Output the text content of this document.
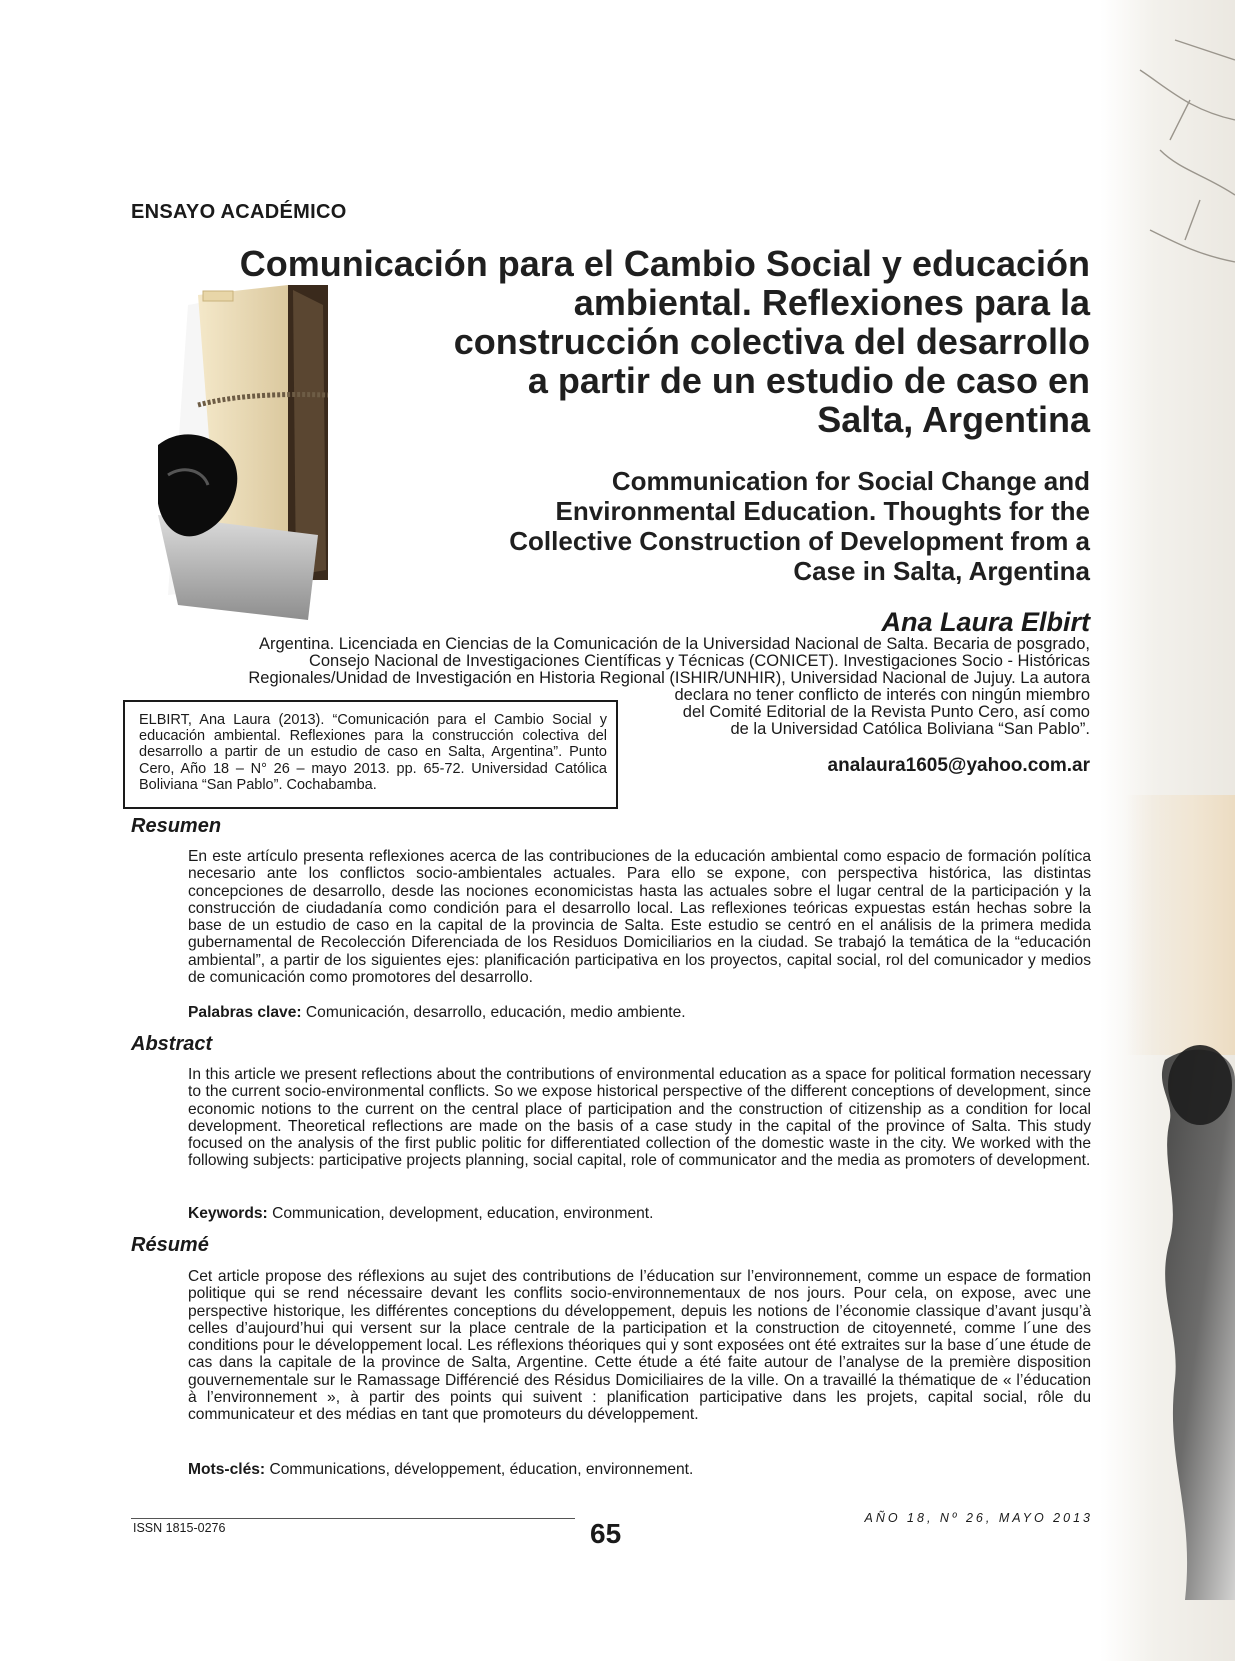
ENSAYO ACADÉMICO

Comunicación para el Cambio Social y educación
ambiental. Reflexiones para la
construcción colectiva del desarrollo
a partir de un estudio de caso en
Salta, Argentina
Communication for Social Change and
Environmental Education. Thoughts for the
Collective Construction of Development from a
Case in Salta, Argentina

Ana Laura Elbirt

Argentina. Licenciada en Ciencias de la Comunicación de la Universidad Nacional de Salta. Becaria de posgrado,
Consejo Nacional de Investigaciones Científicas y Técnicas (CONICET). Investigaciones Socio - Históricas
Regionales/Unidad de Investigación en Historia Regional (ISHIR/UNHIR), Universidad Nacional de Jujuy. La autora
declara no tener conflicto de interés con ningún miembro
del Comité Editorial de la Revista Punto Cero, así como
de la Universidad Católica Boliviana “San Pablo”.

ELBIRT, Ana Laura (2013). “Comunicación para el Cambio Social y educación ambiental. Reflexiones para la construcción colectiva del desarrollo a partir de un estudio de caso en Salta, Argentina”. Punto Cero, Año 18 – N° 26 – mayo 2013. pp. 65-72. Universidad Católica Boliviana “San Pablo”. Cochabamba.

analaura1605@yahoo.com.ar

Resumen

En este artículo presenta reflexiones acerca de las contribuciones de la educación ambiental como espacio de formación política necesario ante los conflictos socio-ambientales actuales. Para ello se expone, con perspectiva histórica, las distintas concepciones de desarrollo, desde las nociones economicistas hasta las actuales sobre el lugar central de la participación y la construcción de ciudadanía como condición para el desarrollo local. Las reflexiones teóricas expuestas están hechas sobre la base de un estudio de caso en la capital de la provincia de Salta. Este estudio se centró en el análisis de la primera medida gubernamental de Recolección Diferenciada de los Residuos Domiciliarios en la ciudad. Se trabajó la temática de la “educación ambiental”, a partir de los siguientes ejes: planificación participativa en los proyectos, capital social, rol del comunicador y medios de comunicación como promotores del desarrollo.

Palabras clave: Comunicación, desarrollo, educación, medio ambiente.

Abstract

In this article we present reflections about the contributions of environmental education as a space for political formation necessary to the current socio-environmental conflicts. So we expose historical perspective of the different conceptions of development, since economic notions to the current on the central place of participation and the construction of citizenship as a condition for local development. Theoretical reflections are made on the basis of a case study in the capital of the province of Salta. This study focused on the analysis of the first public politic for differentiated collection of the domestic waste in the city. We worked with the following subjects: participative projects planning, social capital, role of communicator and the media as promoters of development.

Keywords: Communication, development, education, environment.

Résumé

Cet article propose des réflexions au sujet des contributions de l’éducation sur l’environnement, comme un espace de formation politique qui se rend nécessaire devant les conflits socio-environnementaux de nos jours. Pour cela, on expose, avec une perspective historique, les différentes conceptions du développement, depuis les notions de l’économie classique d’avant jusqu’à celles d’aujourd’hui qui versent sur la place centrale de la participation et la construction de citoyenneté, comme l´une des conditions pour le développement local. Les réflexions théoriques qui y sont exposées ont été extraites sur la base d´une étude de cas dans la capitale de la province de Salta, Argentine. Cette étude a été faite autour de l’analyse de la première disposition gouvernementale sur le Ramassage Différencié des Résidus Domiciliaires de la ville. On a travaillé la thématique de « l’éducation à l’environnement », à partir des points qui suivent : planification participative dans les projets, capital social, rôle du communicateur et des médias en tant que promoteurs du développement.

Mots-clés: Communications, développement, éducation, environnement.

ISSN 1815-0276	65	AÑO 18, Nº 26, MAYO 2013
